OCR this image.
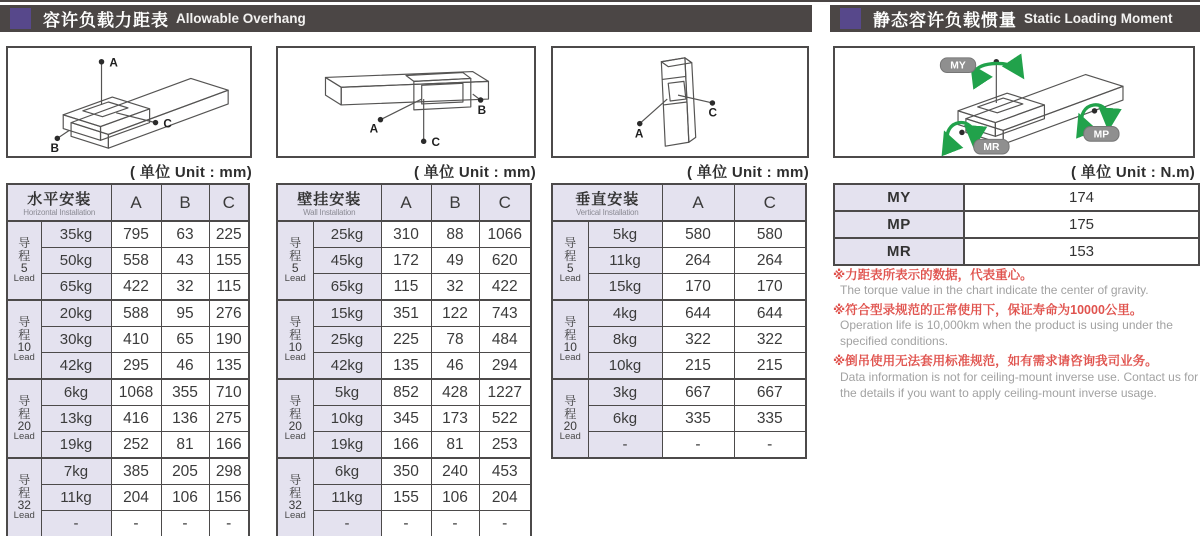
容许负载力距表 Allowable Overhang	静态容许负载惯量 Static Loading Moment
A
B
C
B
A
C
A
C
MY
MP
MR
( 单位 Unit : mm)	( 单位 Unit : mm)	( 单位 Unit : mm)	( 单位 Unit : N.m)
水平安装
Horizontal Installation		A	B	C

导
程
5
Lead	35kg	795	63	225
	50kg	558	43	155
	65kg	422	32	115

导
程
10
Lead	20kg	588	95	276
	30kg	410	65	190
	42kg	295	46	135

导
程
20
Lead	6kg	1068	355	710
	13kg	416	136	275
	19kg	252	81	166

导
程
32
Lead	7kg	385	205	298
	11kg	204	106	156
	-	-	-	-
壁挂安装
Wall Installation		A	B	C

导
程
5
Lead	25kg	310	88	1066
	45kg	172	49	620
	65kg	115	32	422

导
程
10
Lead	15kg	351	122	743
	25kg	225	78	484
	42kg	135	46	294

导
程
20
Lead	5kg	852	428	1227
	10kg	345	173	522
	19kg	166	81	253

导
程
32
Lead	6kg	350	240	453
	11kg	155	106	204
	-	-	-	-
垂直安装
Vertical Installation		A	C

导
程
5
Lead	5kg	580	580
	11kg	264	264
	15kg	170	170

导
程
10
Lead	4kg	644	644
	8kg	322	322
	10kg	215	215

导
程
20
Lead	3kg	667	667
	6kg	335	335
	-	-	-
MY	174
MP	175
MR	153
※力距表所表示的数据，代表重心。
The torque value in the chart indicate the center of gravity.
※符合型录规范的正常使用下，保证寿命为10000公里。
Operation life is 10,000km when the product is using under the specified conditions.
※倒吊使用无法套用标准规范，如有需求请咨询我司业务。
Data information is not for ceiling-mount inverse use. Contact us for the details if you want to apply ceiling-mount inverse usage.
